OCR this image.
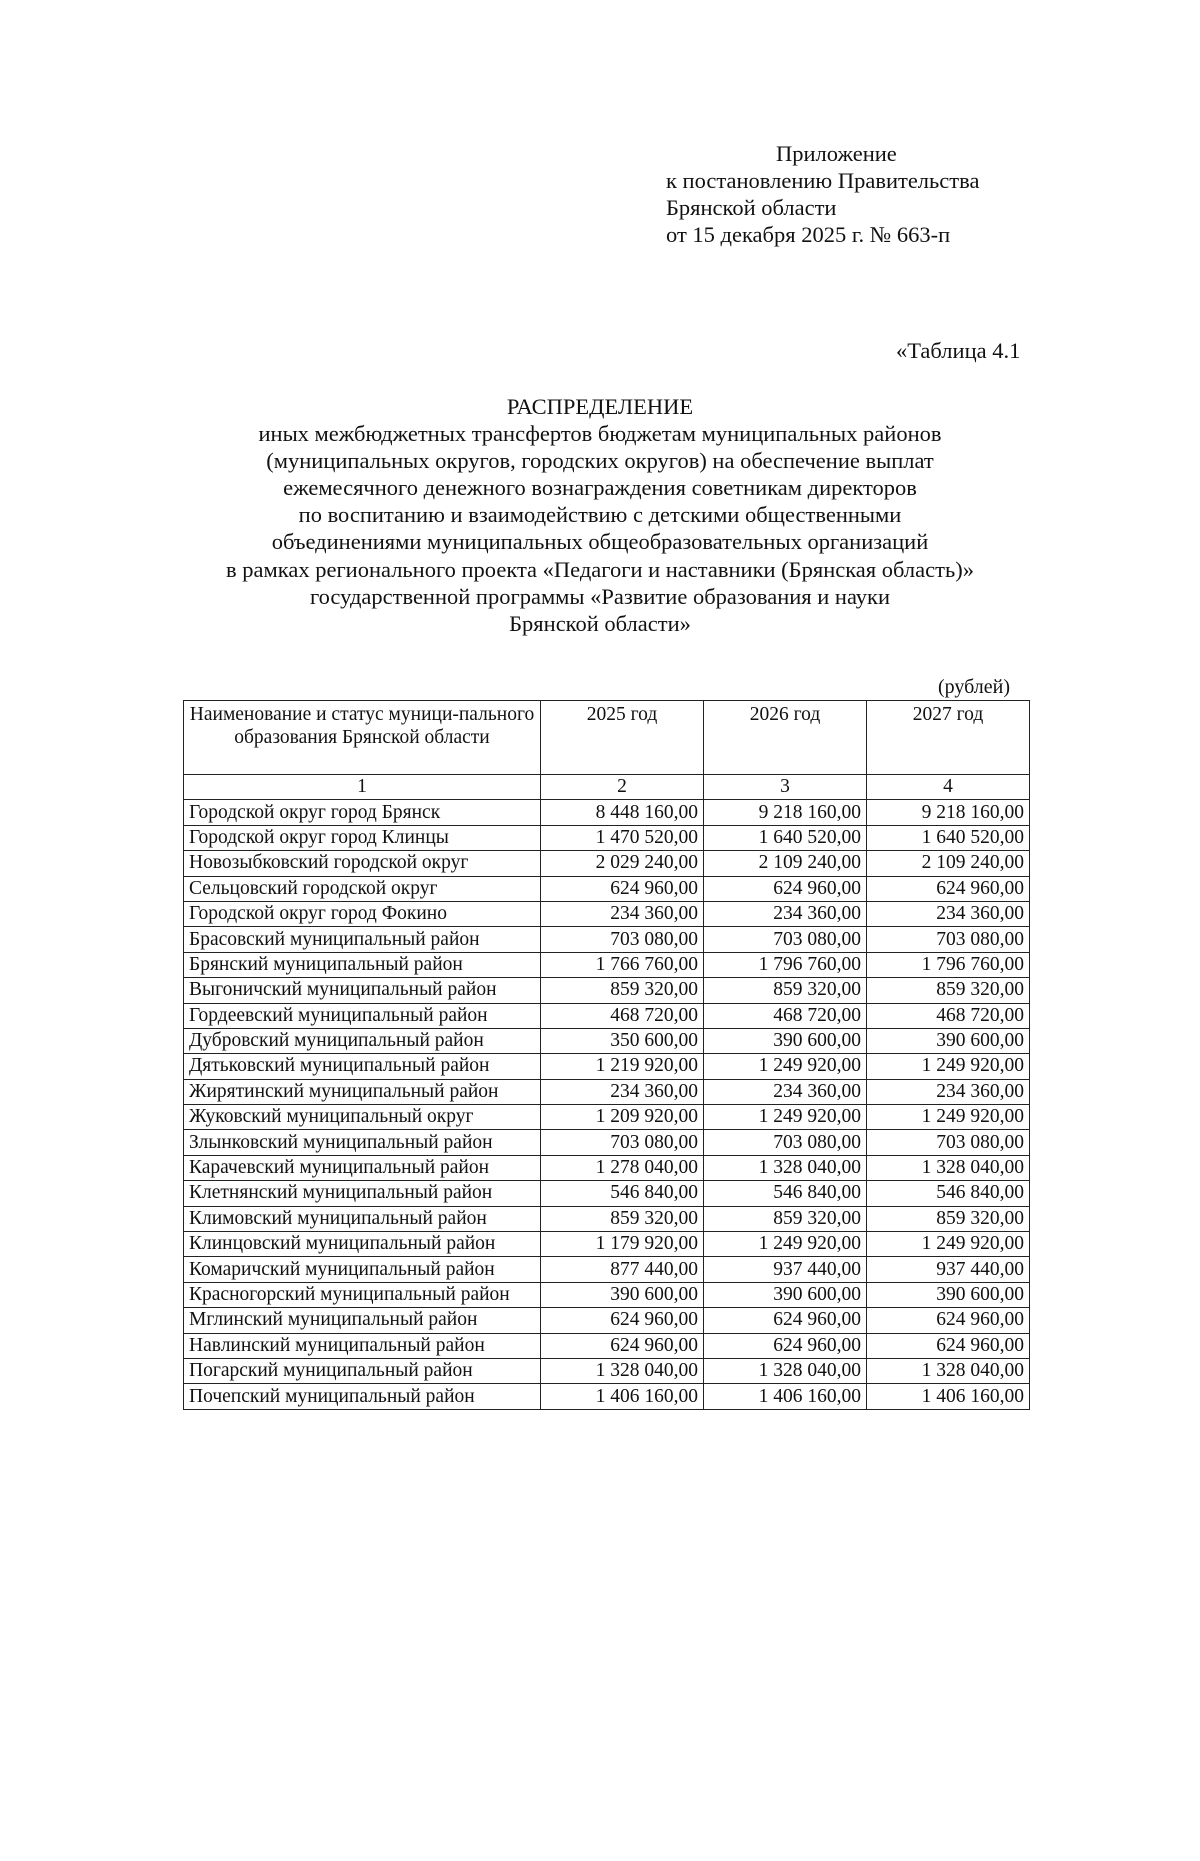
Приложение
к постановлению Правительства
Брянской области
от 15 декабря 2025 г. № 663-п
«Таблица 4.1
РАСПРЕДЕЛЕНИЕ
иных межбюджетных трансфертов бюджетам муниципальных районов
(муниципальных округов, городских округов) на обеспечение выплат
ежемесячного денежного вознаграждения советникам директоров
по воспитанию и взаимодействию с детскими общественными
объединениями муниципальных общеобразовательных организаций
в рамках регионального проекта «Педагоги и наставники (Брянская область)»
государственной программы «Развитие образования и науки
Брянской области»
(рублей)
Наименование и статус муници-пального образования Брянской области	2025 год	2026 год	2027 год
1	2	3	4
Городской округ город Брянск	8 448 160,00	9 218 160,00	9 218 160,00
Городской округ город Клинцы	1 470 520,00	1 640 520,00	1 640 520,00
Новозыбковский городской округ	2 029 240,00	2 109 240,00	2 109 240,00
Сельцовский городской округ	624 960,00	624 960,00	624 960,00
Городской округ город Фокино	234 360,00	234 360,00	234 360,00
Брасовский муниципальный район	703 080,00	703 080,00	703 080,00
Брянский муниципальный район	1 766 760,00	1 796 760,00	1 796 760,00
Выгоничский муниципальный район	859 320,00	859 320,00	859 320,00
Гордеевский муниципальный район	468 720,00	468 720,00	468 720,00
Дубровский муниципальный район	350 600,00	390 600,00	390 600,00
Дятьковский муниципальный район	1 219 920,00	1 249 920,00	1 249 920,00
Жирятинский муниципальный район	234 360,00	234 360,00	234 360,00
Жуковский муниципальный округ	1 209 920,00	1 249 920,00	1 249 920,00
Злынковский муниципальный район	703 080,00	703 080,00	703 080,00
Карачевский муниципальный район	1 278 040,00	1 328 040,00	1 328 040,00
Клетнянский муниципальный район	546 840,00	546 840,00	546 840,00
Климовский муниципальный район	859 320,00	859 320,00	859 320,00
Клинцовский муниципальный район	1 179 920,00	1 249 920,00	1 249 920,00
Комаричский муниципальный район	877 440,00	937 440,00	937 440,00
Красногорский муниципальный район	390 600,00	390 600,00	390 600,00
Мглинский муниципальный район	624 960,00	624 960,00	624 960,00
Навлинский муниципальный район	624 960,00	624 960,00	624 960,00
Погарский муниципальный район	1 328 040,00	1 328 040,00	1 328 040,00
Почепский муниципальный район	1 406 160,00	1 406 160,00	1 406 160,00
